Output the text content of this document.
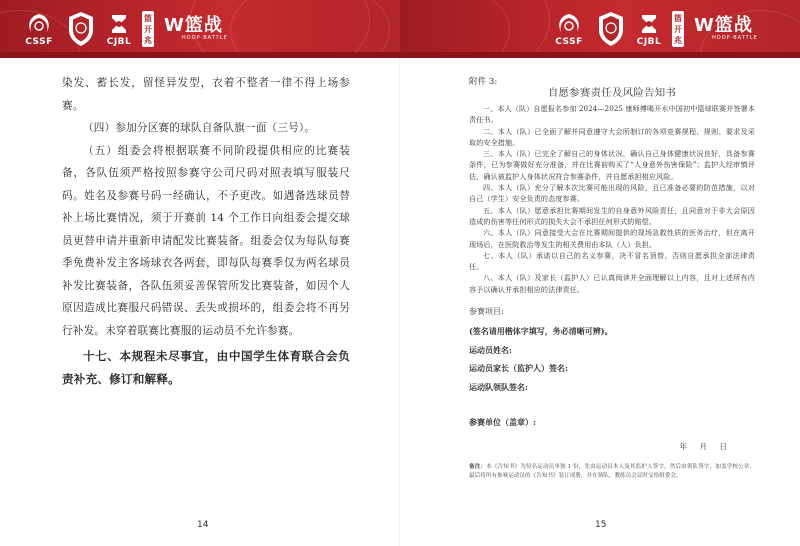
CSSF	CJBL
篮开兆
W篮战
HOOP·BATTLE

染发、蓄长发，留怪异发型，衣着不整者一律不得上场参赛。

（四）参加分区赛的球队自备队旗一面（三号）。

（五）组委会将根据联赛不同阶段提供相应的比赛装备，各队伍须严格按照参赛守公司尺码对照表填写服装尺码。姓名及参赛号码一经确认，不予更改。如遇备选球员替补上场比赛情况，须于开赛前 14 个工作日向组委会提交球员更替申请并重新申请配发比赛装备。组委会仅为每队每赛季免费补发主客场球衣各两套，即每队每赛季仅为两名球员补发比赛装备，各队伍须妥善保管所发比赛装备，如因个人原因造成比赛服尺码错误、丢失或损坏的，组委会将不再另行补发。未穿着联赛比赛服的运动员不允许参赛。

十七、本规程未尽事宜，由中国学生体育联合会负责补充、修订和解释。

14
CSSF	CJBL
篮开兆
W篮战
HOOP·BATTLE
15
附件 3:
自愿参赛责任及风险告知书

一、本人（队）自愿报名参加 2024—2025 康师傅喝开水中国初中篮球联赛并签署本责任书。

二、本人（队）已全面了解并同意遵守大会所制订的各项竞赛规程、规则、要求及采取的安全措施。

三、本人（队）已完全了解自己的身体状况，确认自己身体健康状况良好，具备参赛条件，已为参赛做好充分准备，并在比赛前购买了“人身意外伤害保险”；监护人经审慎评估，确认被监护人身体状况符合参赛条件，并自愿承担相应风险。

四、本人（队）充分了解本次比赛可能出现的风险，且已准备必要的防范措施，以对自己（学生）安全负责的态度参赛。

五、本人（队）愿意承担比赛期间发生的自身意外风险责任，且同意对于非大会原因造成的伤害等任何形式的损失大会不承担任何形式的赔偿。

六、本人（队）同意接受大会在比赛期间提供的现场急救性质的医务治疗，但在离开现场后，在医院救治等发生的相关费用由本队（人）负担。

七、本人（队）承诺以自己的名义参赛，决不冒名顶替，否则自愿承担全部法律责任。

八、本人（队）及家长（监护人）已认真阅读并全面理解以上内容，且对上述所有内容予以确认并承担相应的法律责任。

参赛项目:
(签名请用楷体字填写，务必清晰可辨)。
运动员姓名:
运动员家长（监护人）签名:
运动队领队签名:
参赛单位（盖章）:
年 月 日
备注：本《告知书》为每名运动员单独 1 份，先由运动员本人及其监护人签字，然后由领队签字，加盖学校公章，最后将所有参赛运动员的《告知书》装订成册，并在领队、教练员会议时交给组委会。
